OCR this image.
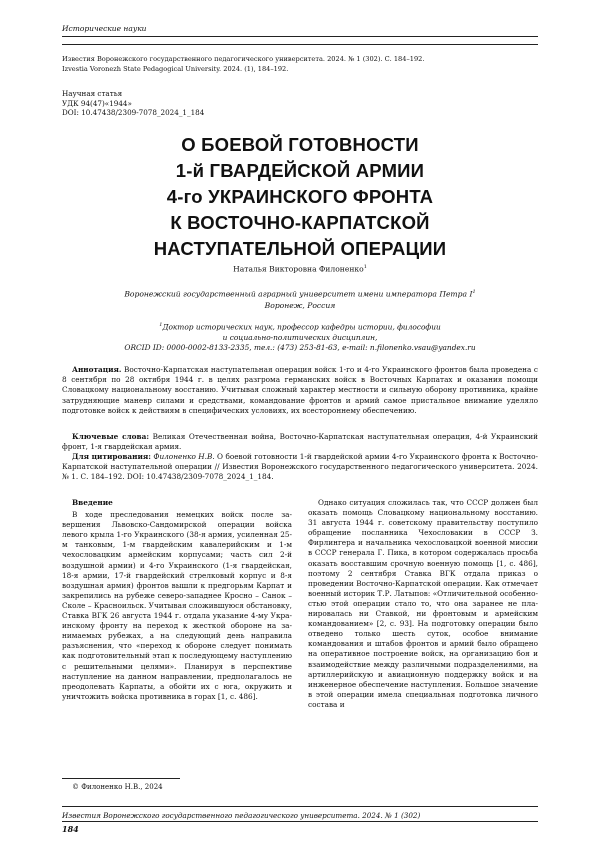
Исторические науки
Известия Воронежского государственного педагогического университета. 2024. № 1 (302). С. 184–192.
Izvestia Voronezh State Pedagogical University. 2024. (1), 184–192.
Научная статья
УДК 94(47)«1944»
DOI: 10.47438/2309-7078_2024_1_184
О БОЕВОЙ ГОТОВНОСТИ
1-й ГВАРДЕЙСКОЙ АРМИИ
4-го УКРАИНСКОГО ФРОНТА
К ВОСТОЧНО-КАРПАТСКОЙ
НАСТУПАТЕЛЬНОЙ ОПЕРАЦИИ
Наталья Викторовна Филоненко$^1$
Воронежский государственный аграрный университет имени императора Петра $I^1$
Воронеж, Россия
$^1$Доктор исторических наук, профессор кафедры истории, философии
и социально-политических дисциплин,
ORCID ID: 0000-0002-8133-2335, тел.: (473) 253-81-63, e-mail: n.filonenko.vsau@yandex.ru
Аннотация. Восточно-Карпатская наступательная операция войск 1-го и 4-го Украинского фронтов была проведена с 8 сентября по 28 октября 1944 г. в целях разгрома германских войск в Восточных Карпатах и оказания помощи Словацкому национальному восстанию. Учитывая сложный характер местности и сильную оборону противника, крайне затрудняющие маневр силами и средствами, командование фронтов и армий самое пристальное внимание уделяло подготовке войск к действиям в специфических условиях, их всестороннему обеспечению.
Ключевые слова: Великая Отечественная война, Восточно-Карпатская наступательная операция, 4-й Украинский фронт, 1-я гвардейская армия.
Для цитирования: Филоненко Н.В. О боевой готовности 1-й гвардейской армии 4-го Украинского фронта к Восточно-Карпатской наступательной операции // Известия Воронежского государственного педагогического университета. 2024. № 1. С. 184–192. DOI: 10.47438/2309-7078_2024_1_184.
Введение

В ходе преследования немецких войск после завершения Львовско-Сандомирской операции войска левого крыла 1-го Украинского (38-я армия, усиленная 25-м танковым, 1-м гвардейским кавалерийским и 1-м чехословацким армейским корпусами; часть сил 2-й воздушной армии) и 4-го Украинского (1-я гвардейская, 18-я армии, 17-й гвардейский стрелковый корпус и 8-я воздушная армия) фронтов вышли к предгорьям Карпат и закрепились на рубеже северо-западнее Кросно – Санок – Сколе – Красноильск. Учитывая сложившуюся обстановку, Ставка ВГК 26 августа 1944 г. отдала указание 4-му Украинскому фронту на переход к жесткой обороне на занимаемых рубежах, а на следующий день направила разъяснения, что «переход к обороне следует понимать как подготовительный этап к последующему наступлению с решительными целями». Планируя в перспективе наступление на данном направлении, предполагалось не преодолевать Карпаты, а обойти их с юга, окружить и уничтожить войска противника в горах [1, с. 486].

Однако ситуация сложилась так, что СССР должен был оказать помощь Словацкому национальному восстанию. 31 августа 1944 г. советскому правительству поступило обращение посланника Чехословакии в СССР З. Фирлингера и начальника чехословацкой военной миссии в СССР генерала Г. Пика, в котором содержалась просьба оказать восставшим срочную военную помощь [1, с. 486], поэтому 2 сентября Ставка ВГК отдала приказ о проведении Восточно-Карпатской операции. Как отмечает военный историк Т.Р. Латыпов: «Отличительной особенностью этой операции стало то, что она заранее не планировалась ни Ставкой, ни фронтовым и армейским командованием» [2, с. 93]. На подготовку операции было отведено только шесть суток, особое внимание командования и штабов фронтов и армий было обращено на оперативное построение войск, на организацию боя и взаимодействие между различными подразделениями, на артиллерийскую и авиационную поддержку войск и на инженерное обеспечение наступления. Большое значение в этой операции имела специальная подготовка личного состава и

© Филоненко Н.В., 2024
Известия Воронежского государственного педагогического университета. 2024. № 1 (302)
184
